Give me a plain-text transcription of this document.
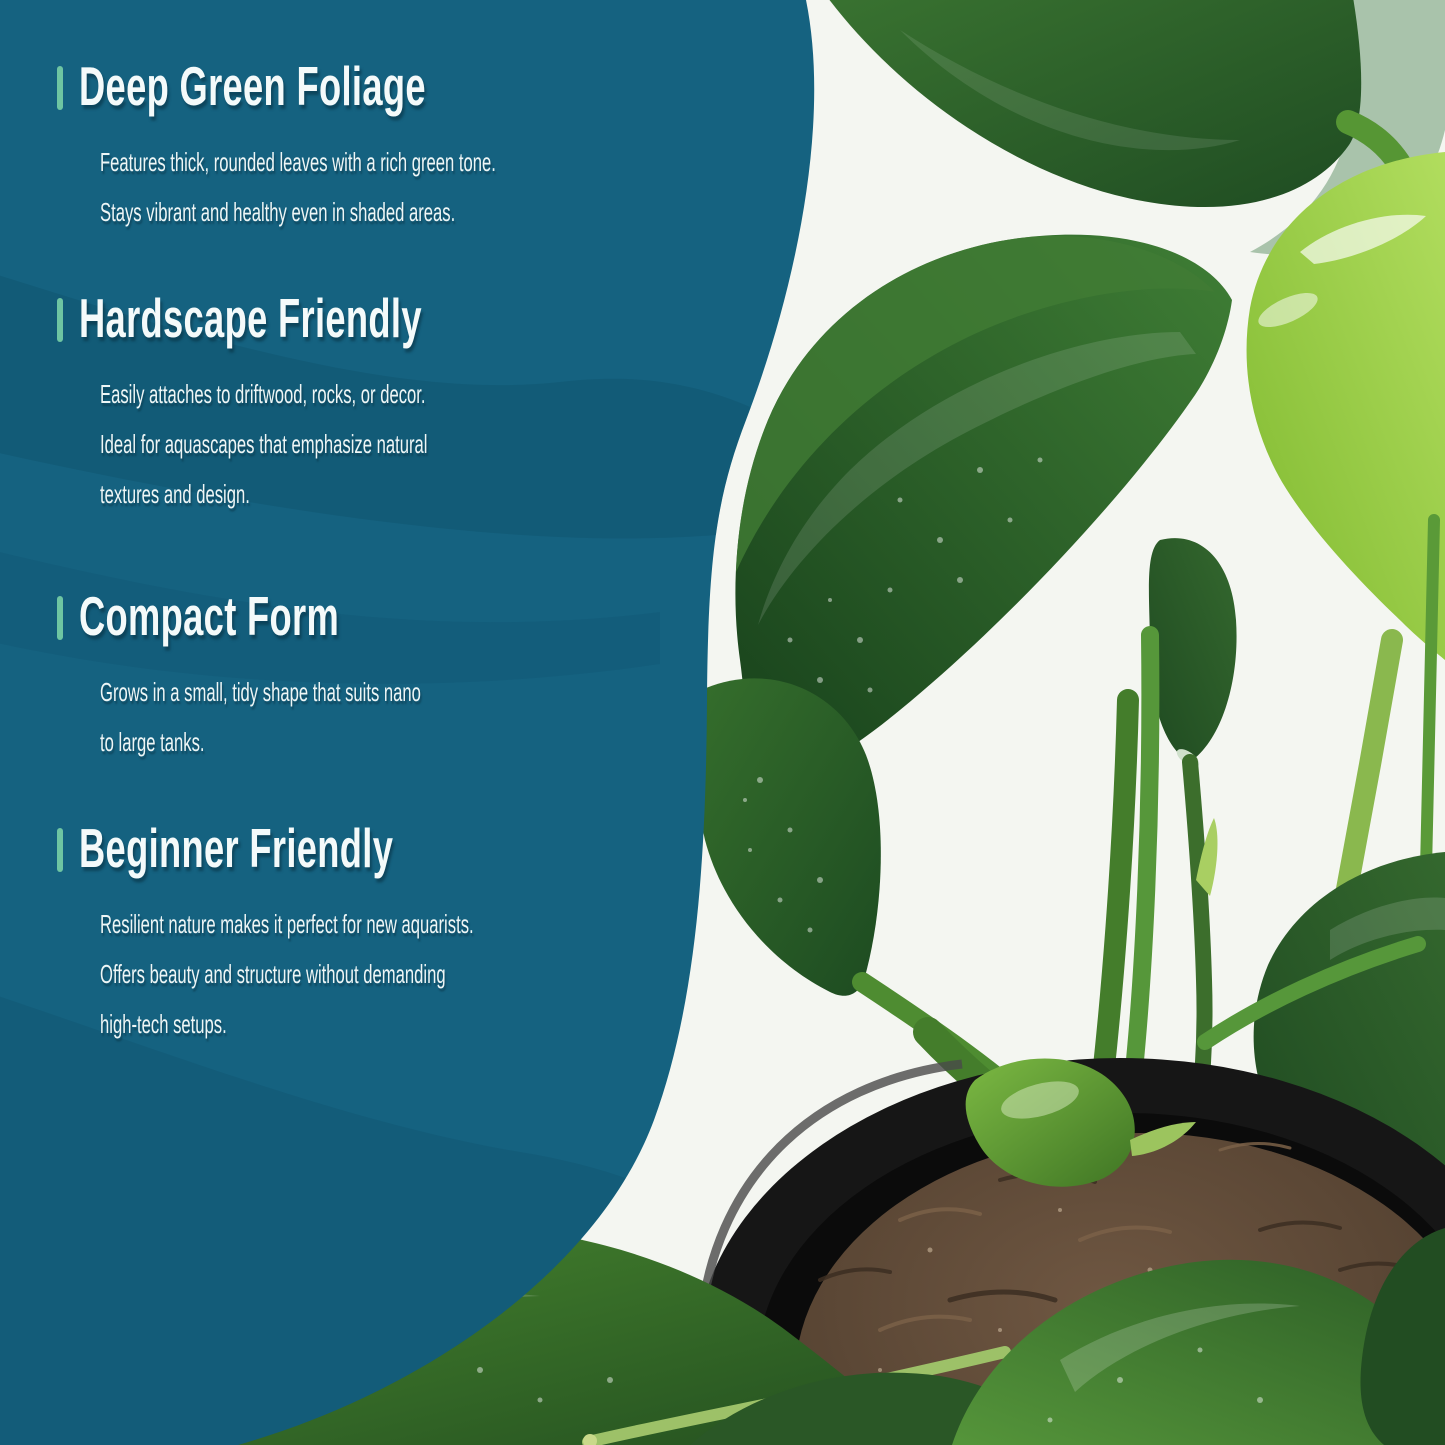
Deep Green Foliage
Features thick, rounded leaves with a rich green tone.
Stays vibrant and healthy even in shaded areas.
Hardscape Friendly
Easily attaches to driftwood, rocks, or decor.
Ideal for aquascapes that emphasize natural
textures and design.
Compact Form
Grows in a small, tidy shape that suits nano
to large tanks.
Beginner Friendly
Resilient nature makes it perfect for new aquarists.
Offers beauty and structure without demanding
high-tech setups.
